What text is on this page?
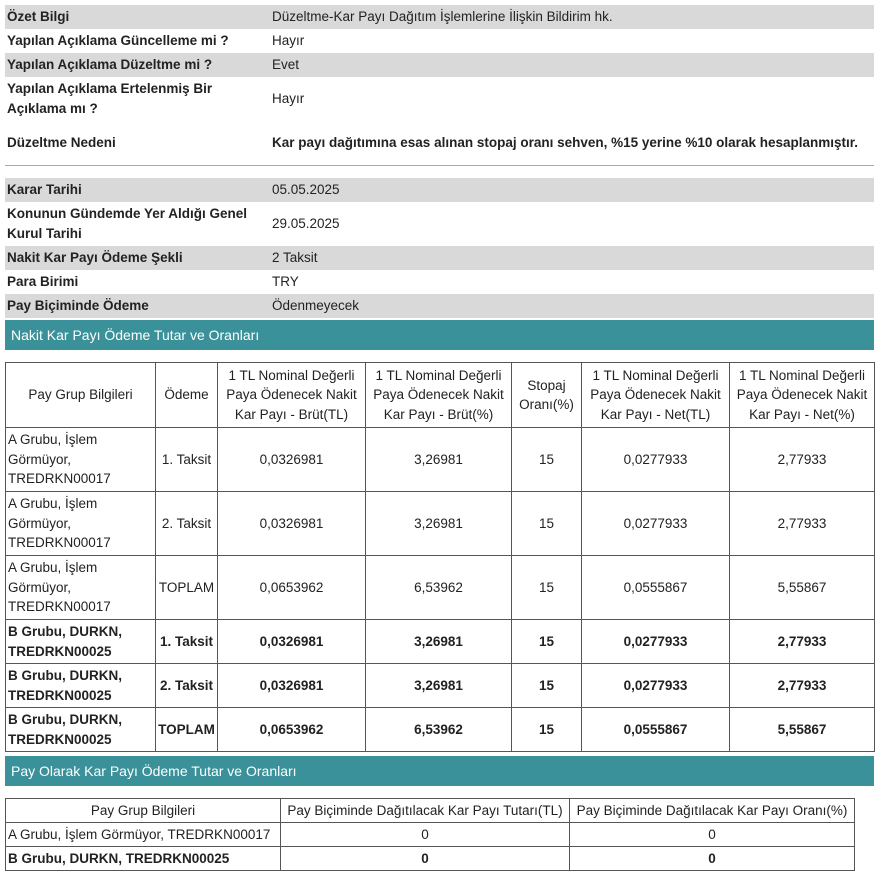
Özet Bilgi	Düzeltme-Kar Payı Dağıtım İşlemlerine İlişkin Bildirim hk.
Yapılan Açıklama Güncelleme mi ?	Hayır
Yapılan Açıklama Düzeltme mi ?	Evet
Yapılan Açıklama Ertelenmiş Bir Açıklama mı ?	Hayır
Düzeltme Nedeni	Kar payı dağıtımına esas alınan stopaj oranı sehven, %15 yerine %10 olarak hesaplanmıştır.
Karar Tarihi	05.05.2025
Konunun Gündemde Yer Aldığı Genel Kurul Tarihi	29.05.2025
Nakit Kar Payı Ödeme Şekli	2 Taksit
Para Birimi	TRY
Pay Biçiminde Ödeme	Ödenmeyecek
Nakit Kar Payı Ödeme Tutar ve Oranları
Pay Grup Bilgileri	Ödeme	1 TL Nominal Değerli Paya Ödenecek Nakit Kar Payı - Brüt(TL)	1 TL Nominal Değerli Paya Ödenecek Nakit Kar Payı - Brüt(%)	Stopaj Oranı(%)	1 TL Nominal Değerli Paya Ödenecek Nakit Kar Payı - Net(TL)	1 TL Nominal Değerli Paya Ödenecek Nakit Kar Payı - Net(%)
A Grubu, İşlem Görmüyor, TREDRKN00017	1. Taksit	0,0326981	3,26981	15	0,0277933	2,77933
A Grubu, İşlem Görmüyor, TREDRKN00017	2. Taksit	0,0326981	3,26981	15	0,0277933	2,77933
A Grubu, İşlem Görmüyor, TREDRKN00017	TOPLAM	0,0653962	6,53962	15	0,0555867	5,55867
B Grubu, DURKN, TREDRKN00025	1. Taksit	0,0326981	3,26981	15	0,0277933	2,77933
B Grubu, DURKN, TREDRKN00025	2. Taksit	0,0326981	3,26981	15	0,0277933	2,77933
B Grubu, DURKN, TREDRKN00025	TOPLAM	0,0653962	6,53962	15	0,0555867	5,55867
Pay Olarak Kar Payı Ödeme Tutar ve Oranları
Pay Grup Bilgileri	Pay Biçiminde Dağıtılacak Kar Payı Tutarı(TL)	Pay Biçiminde Dağıtılacak Kar Payı Oranı(%)
A Grubu, İşlem Görmüyor, TREDRKN00017	0	0
B Grubu, DURKN, TREDRKN00025	0	0
